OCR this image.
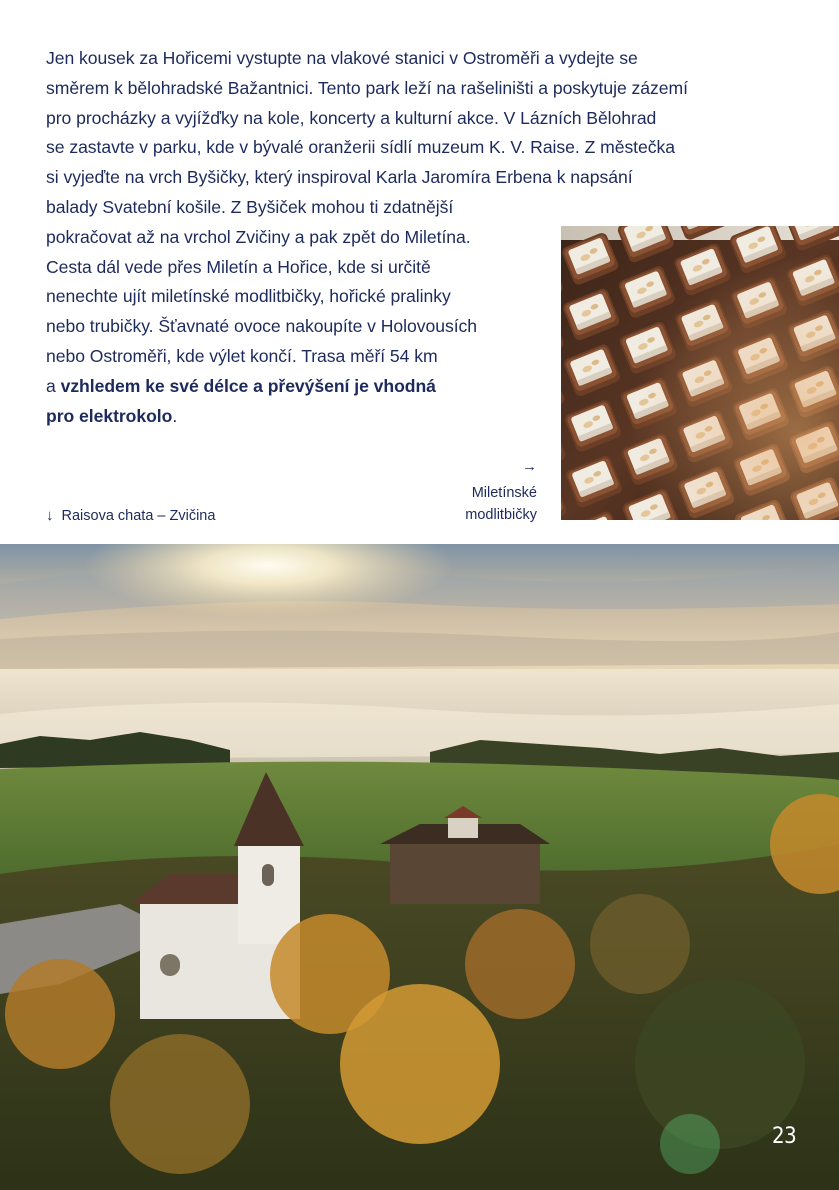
Jen kousek za Hořicemi vystupte na vlakové stanici v Ostroměři a vydejte se
směrem k bělohradské Bažantnici. Tento park leží na rašeliništi a poskytuje zázemí
pro procházky a vyjížďky na kole, koncerty a kulturní akce. V Lázních Bělohrad
se zastavte v parku, kde v bývalé oranžerii sídlí muzeum K. V. Raise. Z městečka
si vyjeďte na vrch Byšičky, který inspiroval Karla Jaromíra Erbena k napsání
balady Svatební košile. Z Byšiček mohou ti zdatnější
pokračovat až na vrchol Zvičiny a pak zpět do Miletína.
Cesta dál vede přes Miletín a Hořice, kde si určitě
nenechte ujít miletínské modlitbičky, hořické pralinky
nebo trubičky. Šťavnaté ovoce nakoupíte v Holovousích
nebo Ostroměři, kde výlet končí. Trasa měří 54 km
a vzhledem ke své délce a převýšení je vhodná
pro elektrokolo.
→
Miletínské
modlitbičky
↓ Raisova chata – Zvičina
23
